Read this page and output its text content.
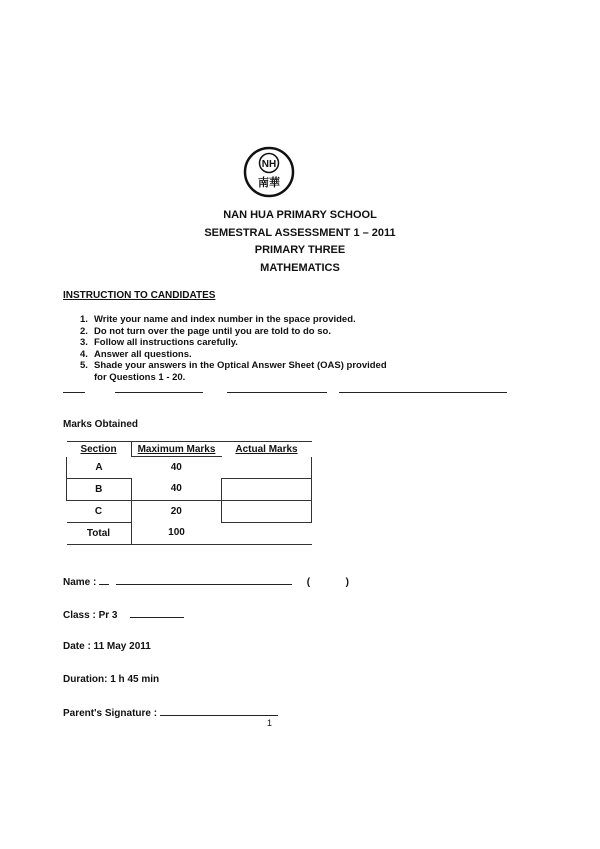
NH
南華
NAN HUA PRIMARY SCHOOL
SEMESTRAL ASSESSMENT 1 – 2011
PRIMARY THREE
MATHEMATICS
INSTRUCTION TO CANDIDATES
1. Write your name and index number in the space provided.
2. Do not turn over the page until you are told to do so.
3. Follow all instructions carefully.
4. Answer all questions.
5. Shade your answers in the Optical Answer Sheet (OAS) provided
for Questions 1 - 20.
Marks Obtained
Section	Maximum Marks	Actual Marks
A	40	
B	40	
C	20	
Total	100	
Name :	(	)
Class : Pr 3
Date : 11 May 2011
Duration: 1 h 45 min
Parent's Signature :
1
